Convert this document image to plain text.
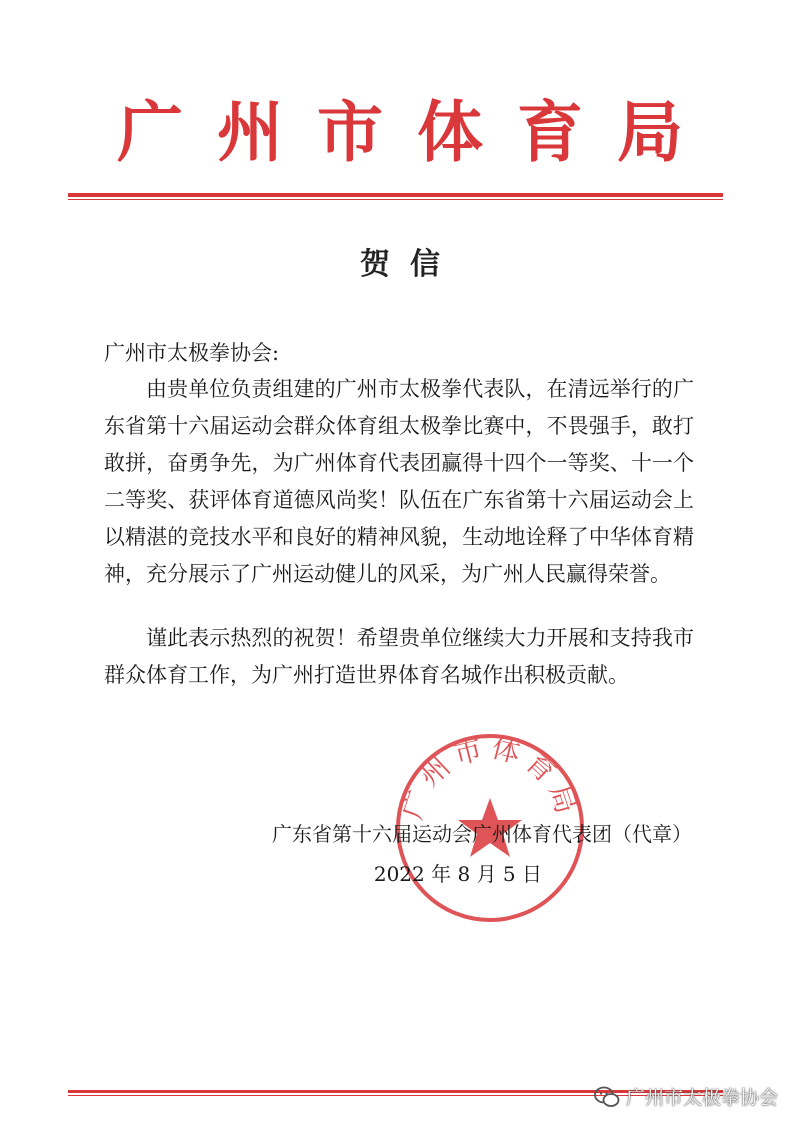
广州市体育局
贺信
广州市太极拳协会:
由贵单位负责组建的广州市太极拳代表队，在清远举行的广东省第十六届运动会群众体育组太极拳比赛中，不畏强手，敢打敢拼，奋勇争先，为广州体育代表团赢得十四个一等奖、十一个二等奖、获评体育道德风尚奖！队伍在广东省第十六届运动会上以精湛的竞技水平和良好的精神风貌，生动地诠释了中华体育精神，充分展示了广州运动健儿的风采，为广州人民赢得荣誉。
谨此表示热烈的祝贺！希望贵单位继续大力开展和支持我市群众体育工作，为广州打造世界体育名城作出积极贡献。
广州市体育局
广东省第十六届运动会广州体育代表团（代章）
2022 年 8 月 5 日
广州市太极拳协会
